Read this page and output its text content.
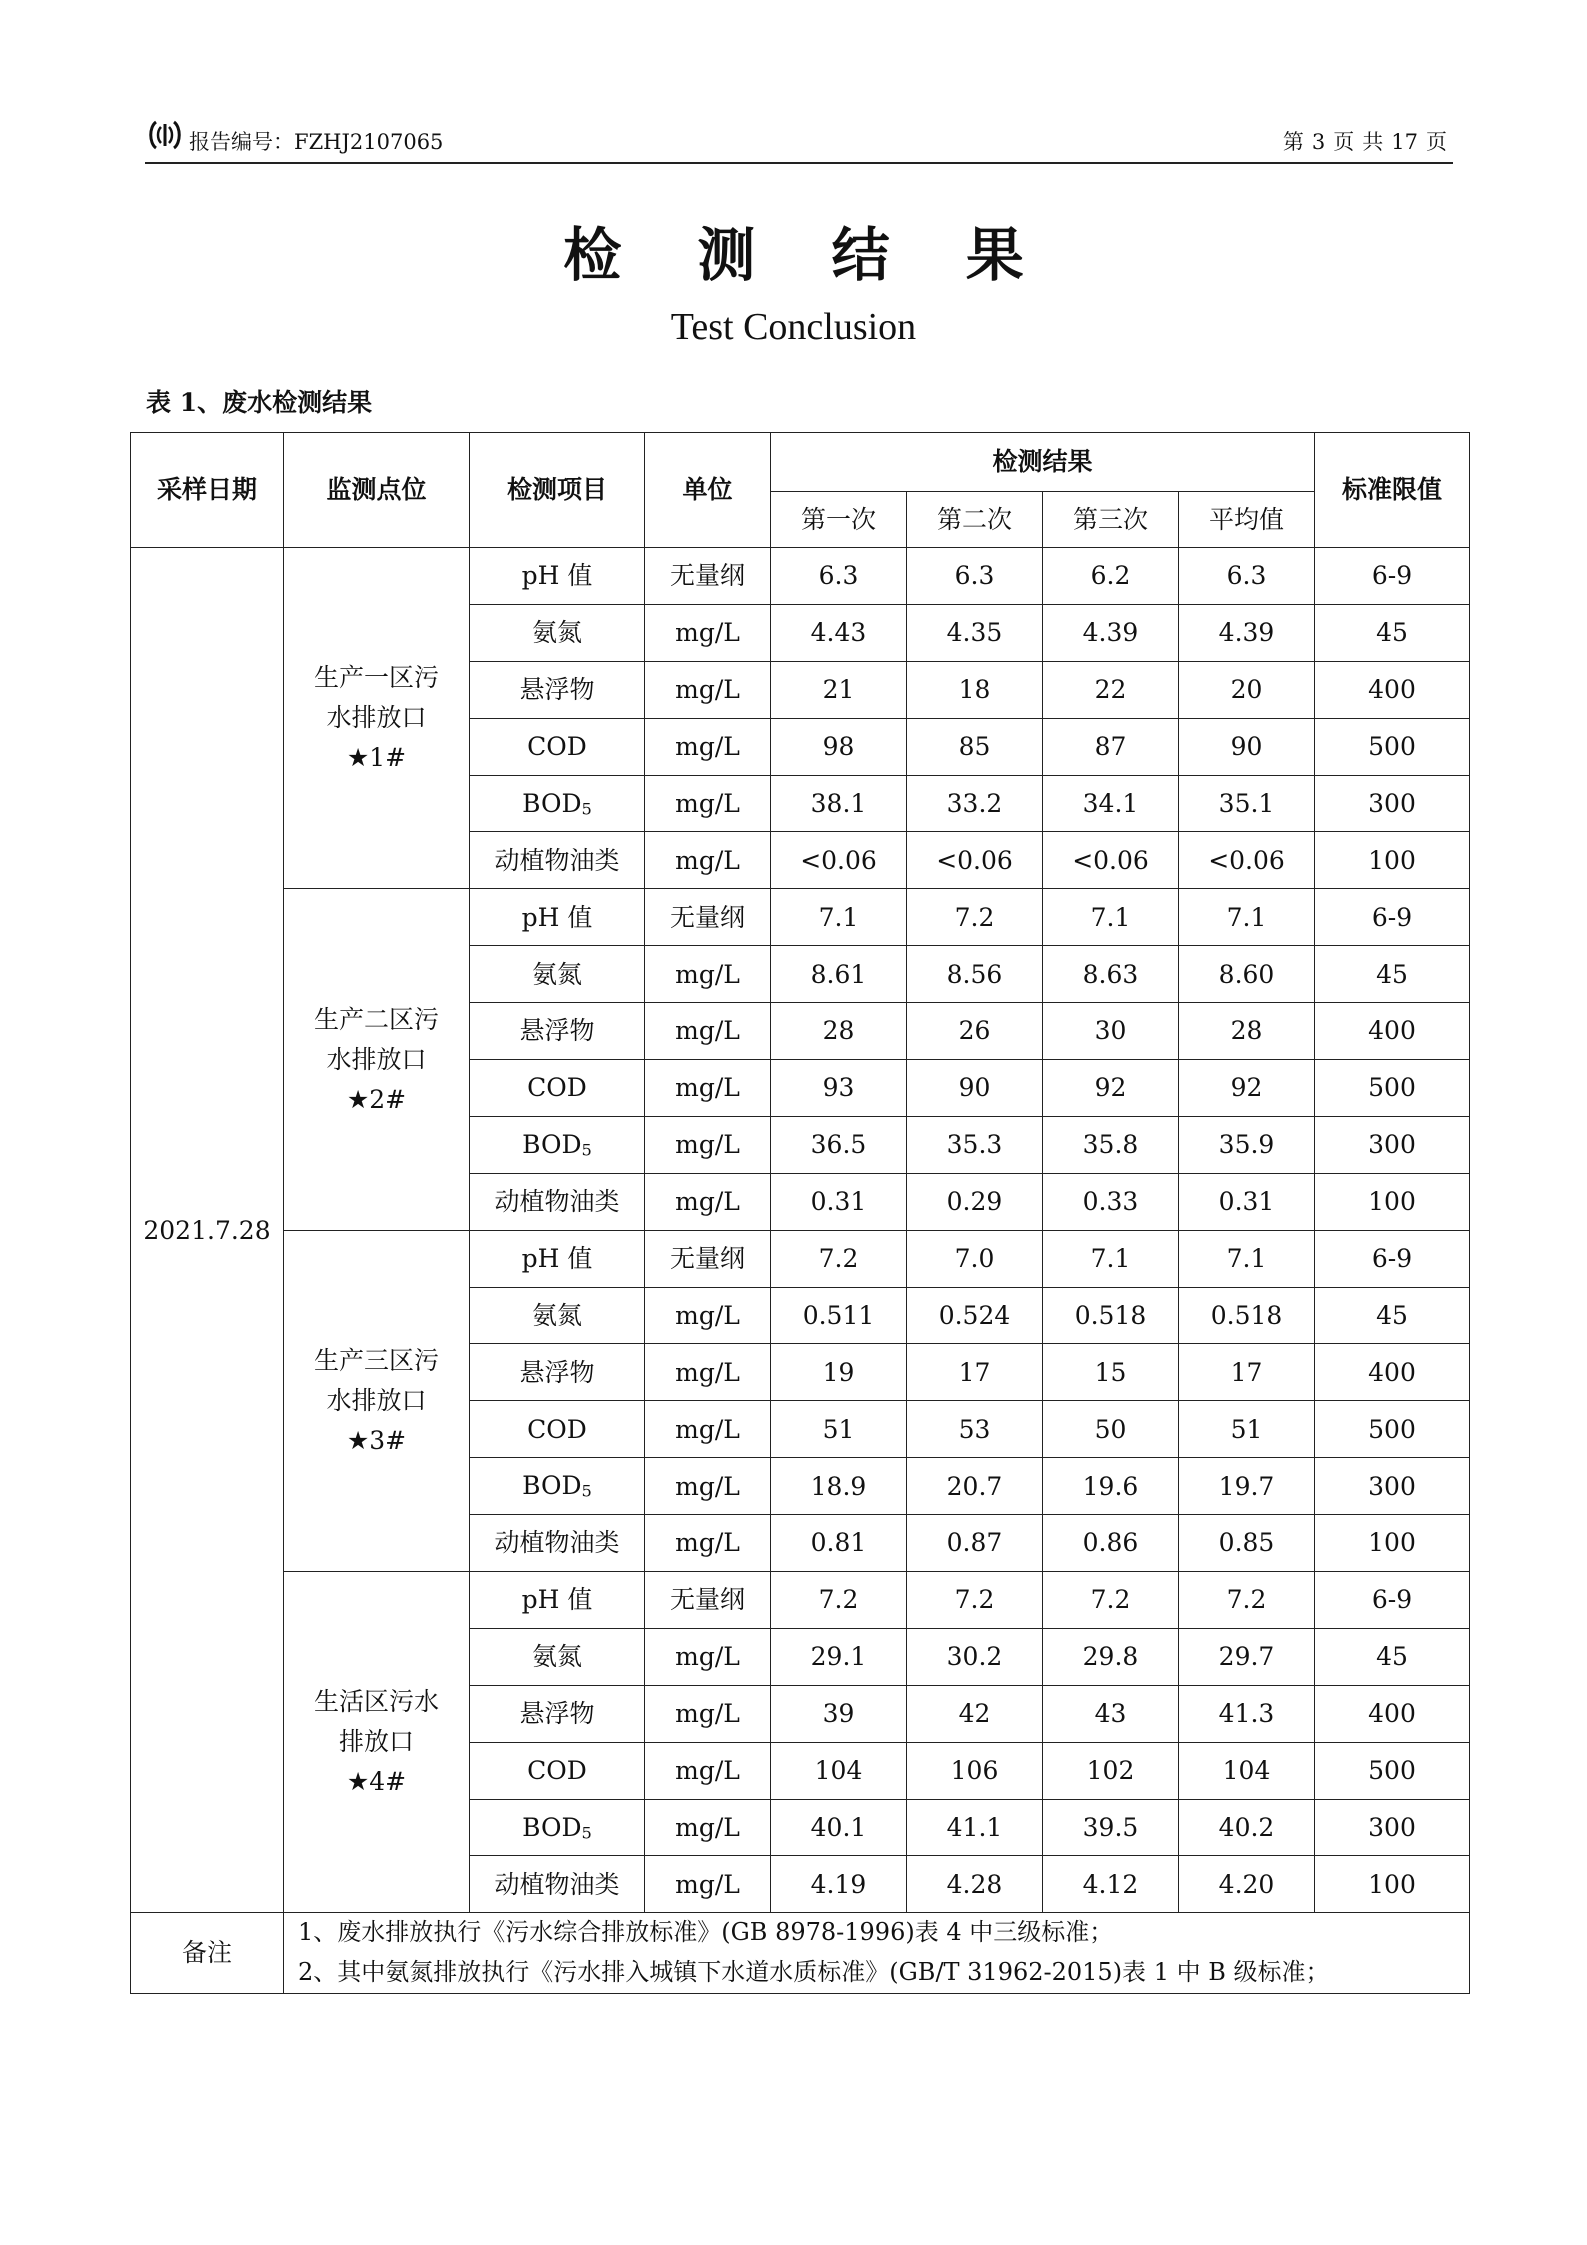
报告编号：FZHJ2107065	第 3 页 共 17 页
检 测 结 果
Test Conclusion
表 1、废水检测结果
采样日期	监测点位	检测项目	单位	检测结果				标准限值
				第一次	第二次	第三次	平均值	
2021.7.28	生产一区污
水排放口
★1#	pH 值	无量纲	6.3	6.3	6.2	6.3	6-9
		氨氮	mg/L	4.43	4.35	4.39	4.39	45
		悬浮物	mg/L	21	18	22	20	400
		COD	mg/L	98	85	87	90	500
		BOD5	mg/L	38.1	33.2	34.1	35.1	300
		动植物油类	mg/L	<0.06	<0.06	<0.06	<0.06	100

	生产二区污
水排放口
★2#	pH 值	无量纲	7.1	7.2	7.1	7.1	6-9
		氨氮	mg/L	8.61	8.56	8.63	8.60	45
		悬浮物	mg/L	28	26	30	28	400
		COD	mg/L	93	90	92	92	500
		BOD5	mg/L	36.5	35.3	35.8	35.9	300
		动植物油类	mg/L	0.31	0.29	0.33	0.31	100

	生产三区污
水排放口
★3#	pH 值	无量纲	7.2	7.0	7.1	7.1	6-9
		氨氮	mg/L	0.511	0.524	0.518	0.518	45
		悬浮物	mg/L	19	17	15	17	400
		COD	mg/L	51	53	50	51	500
		BOD5	mg/L	18.9	20.7	19.6	19.7	300
		动植物油类	mg/L	0.81	0.87	0.86	0.85	100

	生活区污水
排放口
★4#	pH 值	无量纲	7.2	7.2	7.2	7.2	6-9
		氨氮	mg/L	29.1	30.2	29.8	29.7	45
		悬浮物	mg/L	39	42	43	41.3	400
		COD	mg/L	104	106	102	104	500
		BOD5	mg/L	40.1	41.1	39.5	40.2	300
		动植物油类	mg/L	4.19	4.28	4.12	4.20	100
备注	1、废水排放执行《污水综合排放标准》(GB 8978-1996)表 4 中三级标准；
2、其中氨氮排放执行《污水排入城镇下水道水质标准》(GB/T 31962-2015)表 1 中 B 级标准；							
